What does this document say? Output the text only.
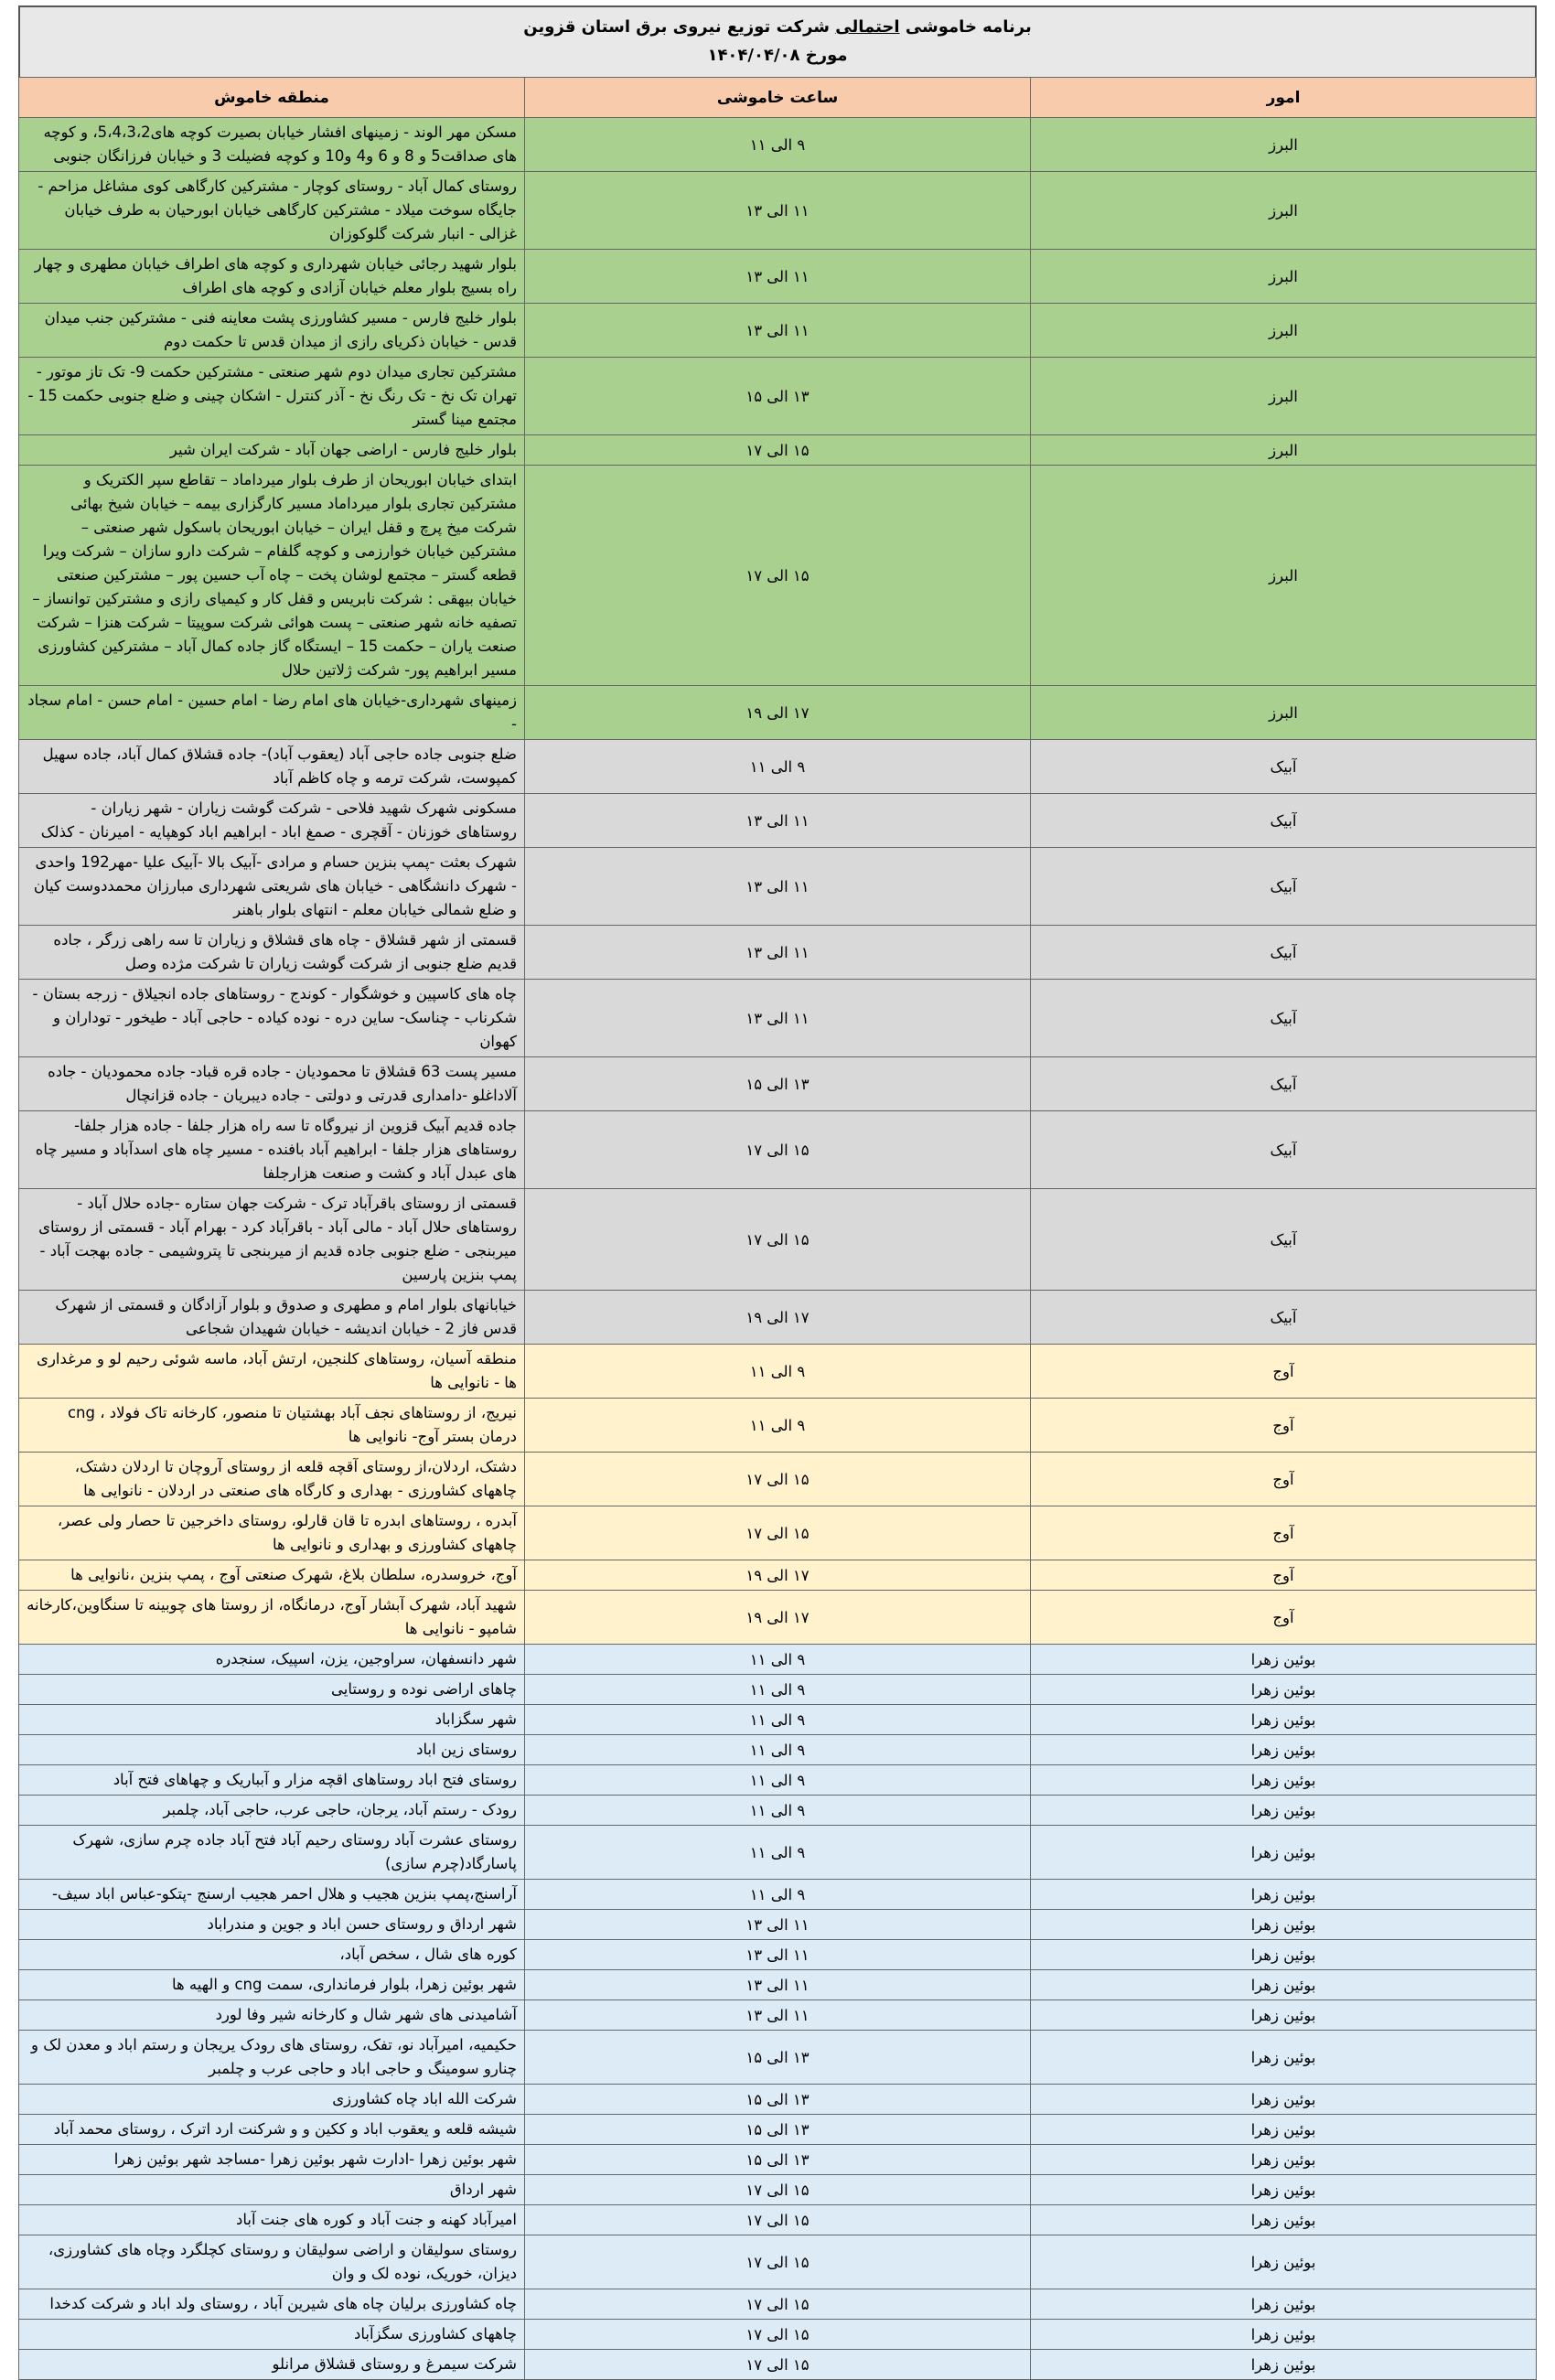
برنامه خاموشی احتمالی شرکت توزیع نیروی برق استان قزوین
مورخ ۱۴۰۴/۰۴/۰۸
امور	ساعت خاموشی	منطقه خاموش
البرز	۹ الی ۱۱	مسکن مهر الوند - زمینهای افشار خیابان بصیرت کوچه های5،4،3،2، و کوچه های صداقت5 و 8 و 6 و4 و10 و کوچه فضیلت 3 و خیابان فرزانگان جنوبی
البرز	۱۱ الی ۱۳	روستای کمال آباد - روستای کوچار - مشترکین کارگاهی کوی مشاغل مزاحم - جایگاه سوخت میلاد - مشترکین کارگاهی خیابان ابورحیان به طرف خیابان غزالی - انبار شرکت گلوکوزان
البرز	۱۱ الی ۱۳	بلوار شهید رجائی خیابان شهرداری و کوچه های اطراف خیابان مطهری و چهار راه بسیج بلوار معلم خیابان آزادی و کوچه های اطراف
البرز	۱۱ الی ۱۳	بلوار خلیج فارس - مسیر کشاورزی پشت معاینه فنی - مشترکین جنب میدان قدس - خیابان ذکریای رازی از میدان قدس تا حکمت دوم
البرز	۱۳ الی ۱۵	مشترکین تجاری میدان دوم شهر صنعتی - مشترکین حکمت 9- تک تاز موتور - تهران تک نخ - تک رنگ نخ - آذر کنترل - اشکان چینی و ضلع جنوبی حکمت 15 - مجتمع مینا گستر
البرز	۱۵ الی ۱۷	بلوار خلیج فارس - اراضی جهان آباد - شرکت ایران شیر
البرز	۱۵ الی ۱۷	ابتدای خیابان ابوریحان از طرف بلوار میرداماد – تقاطع سپر الکتریک و مشترکین تجاری بلوار میرداماد مسیر کارگزاری بیمه – خیابان شیخ بهائی شرکت میخ پرچ و قفل ایران – خیابان ابوریحان باسکول شهر صنعتی – مشترکین خیابان خوارزمی و کوچه گلفام – شرکت دارو سازان – شرکت ویرا قطعه گستر – مجتمع لوشان پخت – چاه آب حسین پور – مشترکین صنعتی خیابان بیهقی : شرکت نابریس و قفل کار و کیمیای رازی و مشترکین توانساز – تصفیه خانه شهر صنعتی – پست هوائی شرکت سوپیتا – شرکت هنزا – شرکت صنعت یاران – حکمت 15 – ایستگاه گاز جاده کمال آباد – مشترکین کشاورزی مسیر ابراهیم پور- شرکت ژلاتین حلال
البرز	۱۷ الی ۱۹	زمینهای شهرداری-خیابان های امام رضا - امام حسین - امام حسن - امام سجاد -
آبیک	۹ الی ۱۱	ضلع جنوبی جاده حاجی آباد (یعقوب آباد)- جاده قشلاق کمال آباد، جاده سهیل کمپوست، شرکت ترمه و چاه کاظم آباد
آبیک	۱۱ الی ۱۳	مسکونی شهرک شهید فلاحی - شرکت گوشت زیاران - شهر زیاران - روستاهای خوزنان - آقچری - صمغ اباد - ابراهیم اباد کوهپایه - امیرنان - کذلک
آبیک	۱۱ الی ۱۳	شهرک بعثت -پمپ بنزین حسام و مرادی -آبیک بالا -آبیک علیا -مهر192 واحدی - شهرک دانشگاهی - خیابان های شریعتی شهرداری مبارزان محمددوست کیان و ضلع شمالی خیابان معلم - انتهای بلوار باهنر
آبیک	۱۱ الی ۱۳	قسمتی از شهر قشلاق - چاه های قشلاق و زیاران تا سه راهی زرگر ، جاده قدیم ضلع جنوبی از شرکت گوشت زیاران تا شرکت مژده وصل
آبیک	۱۱ الی ۱۳	چاه های کاسپین و خوشگوار - کوندج - روستاهای جاده انجیلاق - زرجه بستان - شکرناب - چناسک- ساین دره - نوده کیاده - حاجی آباد - طیخور - توداران و کهوان
آبیک	۱۳ الی ۱۵	مسیر پست 63 قشلاق تا محمودیان - جاده قره قباد- جاده محمودیان - جاده آلاداغلو -دامداری قدرتی و دولتی - جاده دیبریان - جاده قزانچال
آبیک	۱۵ الی ۱۷	جاده قدیم آبیک قزوین از نیروگاه تا سه راه هزار جلفا - جاده هزار جلفا- روستاهای هزار جلفا - ابراهیم آباد بافنده - مسیر چاه های اسدآباد و مسیر چاه های عبدل آباد و کشت و صنعت هزارجلفا
آبیک	۱۵ الی ۱۷	قسمتی از روستای باقرآباد ترک - شرکت جهان ستاره -جاده حلال آباد - روستاهای حلال آباد - مالی آباد - باقرآباد کرد - بهرام آباد - قسمتی از روستای میربنجی - ضلع جنوبی جاده قدیم از میربنجی تا پتروشیمی - جاده بهجت آباد - پمپ بنزین پارسین
آبیک	۱۷ الی ۱۹	خیابانهای بلوار امام و مطهری و صدوق و بلوار آزادگان و قسمتی از شهرک قدس فاز 2 - خیابان اندیشه - خیابان شهیدان شجاعی
آوج	۹ الی ۱۱	منطقه آسیان، روستاهای کلنجین، ارتش آباد، ماسه شوئی رحیم لو و مرغداری ها - نانوایی ها
آوج	۹ الی ۱۱	نیریج، از روستاهای نجف آباد بهشتیان تا منصور، کارخانه تاک فولاد ، cng درمان بستر آوج- نانوایی ها
آوج	۱۵ الی ۱۷	دشتک، اردلان،از روستای آقچه قلعه از روستای آروچان تا اردلان دشتک، چاههای کشاورزی - بهداری و کارگاه های صنعتی در اردلان - نانوایی ها
آوج	۱۵ الی ۱۷	آبدره ، روستاهای ابدره تا قان قارلو، روستای داخرجین تا حصار ولی عصر، چاههای کشاورزی و بهداری و نانوایی ها
آوج	۱۷ الی ۱۹	آوج، خروسدره، سلطان بلاغ، شهرک صنعتی آوج ، پمپ بنزین ،نانوایی ها
آوج	۱۷ الی ۱۹	شهید آباد، شهرک آبشار آوج، درمانگاه، از روستا های چوبینه تا سنگاوین،کارخانه شامپو - نانوایی ها
بوئین زهرا	۹ الی ۱۱	شهر دانسفهان، سراوجین، یزن، اسپیک، سنجدره
بوئین زهرا	۹ الی ۱۱	چاهای اراضی نوده و روستایی
بوئین زهرا	۹ الی ۱۱	شهر سگزاباد
بوئین زهرا	۹ الی ۱۱	روستای زین اباد
بوئین زهرا	۹ الی ۱۱	روستای فتح اباد روستاهای اقچه مزار و آبباریک و چهاهای فتح آباد
بوئین زهرا	۹ الی ۱۱	رودک - رستم آباد، یرجان، حاجی عرب، حاجی آباد، چلمبر
بوئین زهرا	۹ الی ۱۱	روستای عشرت آباد روستای رحیم آباد فتح آباد جاده چرم سازی، شهرک پاسارگاد(چرم سازی)
بوئین زهرا	۹ الی ۱۱	آراسنج،پمپ بنزین هجیب و هلال احمر هجیب ارسنج -پتکو-عباس اباد سیف-
بوئین زهرا	۱۱ الی ۱۳	شهر ارداق و روستای حسن اباد و جوین و مندراباد
بوئین زهرا	۱۱ الی ۱۳	کوره های شال ، سخص آباد،
بوئین زهرا	۱۱ الی ۱۳	شهر بوئین زهرا، بلوار فرمانداری، سمت cng و الهیه ها
بوئین زهرا	۱۱ الی ۱۳	آشامیدنی های شهر شال و کارخانه شیر وفا لورد
بوئین زهرا	۱۳ الی ۱۵	حکیمیه، امیرآباد نو، تفک، روستای های رودک یریجان و رستم اباد و معدن لک و چنارو سومینگ و حاجی اباد و حاجی عرب و چلمبر
بوئین زهرا	۱۳ الی ۱۵	شرکت الله اباد چاه کشاورزی
بوئین زهرا	۱۳ الی ۱۵	شیشه قلعه و یعقوب اباد و ککین و و شرکنت ارد اترک ، روستای محمد آباد
بوئین زهرا	۱۳ الی ۱۵	شهر بوئین زهرا -ادارت شهر بوئین زهرا -مساجد شهر بوئین زهرا
بوئین زهرا	۱۵ الی ۱۷	شهر ارداق
بوئین زهرا	۱۵ الی ۱۷	امیرآباد کهنه و جنت آباد و کوره های جنت آباد
بوئین زهرا	۱۵ الی ۱۷	روستای سولیقان و اراضی سولیقان و روستای کچلگرد وچاه های کشاورزی، دیزان، خوریک، نوده لک و وان
بوئین زهرا	۱۵ الی ۱۷	چاه کشاورزی برلیان چاه های شیرین آباد ، روستای ولد اباد و شرکت کدخدا
بوئین زهرا	۱۵ الی ۱۷	چاههای کشاورزی سگزآباد
بوئین زهرا	۱۵ الی ۱۷	شرکت سیمرغ و روستای قشلاق مرانلو
